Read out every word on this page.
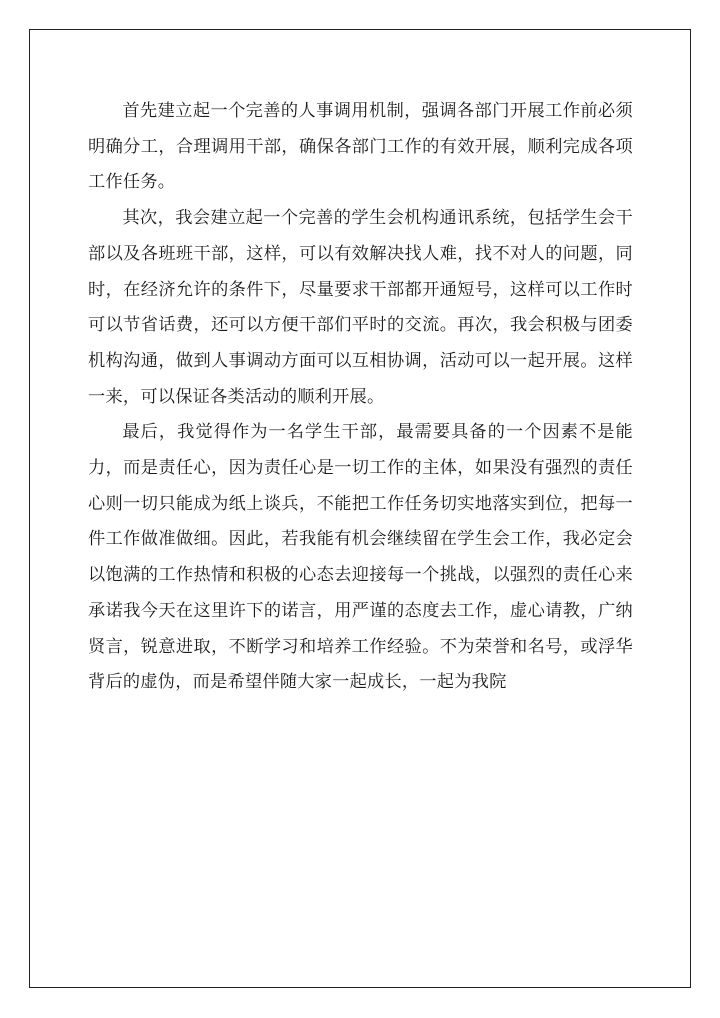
首先建立起一个完善的人事调用机制，强调各部门开展工作前必须明确分工，合理调用干部，确保各部门工作的有效开展，顺利完成各项工作任务。

其次，我会建立起一个完善的学生会机构通讯系统，包括学生会干部以及各班班干部，这样，可以有效解决找人难，找不对人的问题，同时，在经济允许的条件下，尽量要求干部都开通短号，这样可以工作时可以节省话费，还可以方便干部们平时的交流。再次，我会积极与团委机构沟通，做到人事调动方面可以互相协调，活动可以一起开展。这样一来，可以保证各类活动的顺利开展。

最后，我觉得作为一名学生干部，最需要具备的一个因素不是能力，而是责任心，因为责任心是一切工作的主体，如果没有强烈的责任心则一切只能成为纸上谈兵，不能把工作任务切实地落实到位，把每一件工作做准做细。因此，若我能有机会继续留在学生会工作，我必定会以饱满的工作热情和积极的心态去迎接每一个挑战，以强烈的责任心来承诺我今天在这里许下的诺言，用严谨的态度去工作，虚心请教，广纳贤言，锐意进取，不断学习和培养工作经验。不为荣誉和名号，或浮华背后的虚伪，而是希望伴随大家一起成长，一起为我院
